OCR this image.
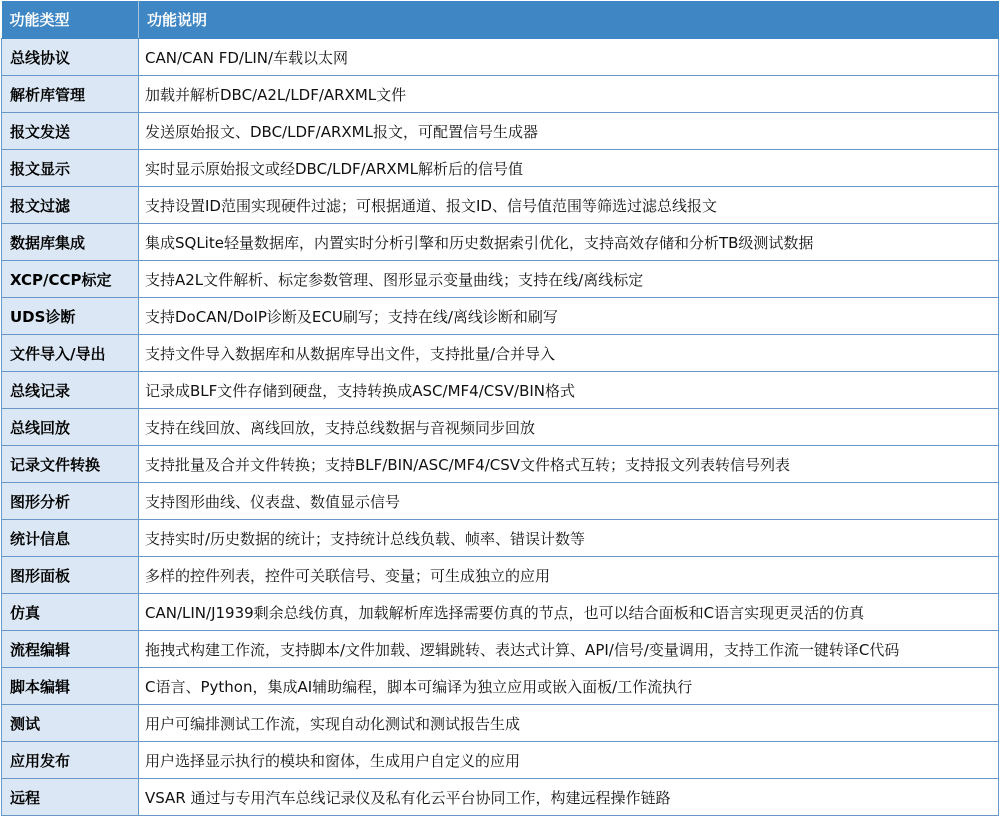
功能类型	功能说明
总线协议	CAN/CAN FD/LIN/车载以太网
解析库管理	加载并解析DBC/A2L/LDF/ARXML文件
报文发送	发送原始报文、DBC/LDF/ARXML报文，可配置信号生成器
报文显示	实时显示原始报文或经DBC/LDF/ARXML解析后的信号值
报文过滤	支持设置ID范围实现硬件过滤；可根据通道、报文ID、信号值范围等筛选过滤总线报文
数据库集成	集成SQLite轻量数据库，内置实时分析引擎和历史数据索引优化，支持高效存储和分析TB级测试数据
XCP/CCP标定	支持A2L文件解析、标定参数管理、图形显示变量曲线；支持在线/离线标定
UDS诊断	支持DoCAN/DoIP诊断及ECU刷写；支持在线/离线诊断和刷写
文件导入/导出	支持文件导入数据库和从数据库导出文件，支持批量/合并导入
总线记录	记录成BLF文件存储到硬盘，支持转换成ASC/MF4/CSV/BIN格式
总线回放	支持在线回放、离线回放，支持总线数据与音视频同步回放
记录文件转换	支持批量及合并文件转换；支持BLF/BIN/ASC/MF4/CSV文件格式互转；支持报文列表转信号列表
图形分析	支持图形曲线、仪表盘、数值显示信号
统计信息	支持实时/历史数据的统计；支持统计总线负载、帧率、错误计数等
图形面板	多样的控件列表，控件可关联信号、变量；可生成独立的应用
仿真	CAN/LIN/J1939剩余总线仿真，加载解析库选择需要仿真的节点，也可以结合面板和C语言实现更灵活的仿真
流程编辑	拖拽式构建工作流，支持脚本/文件加载、逻辑跳转、表达式计算、API/信号/变量调用，支持工作流一键转译C代码
脚本编辑	C语言、Python，集成AI辅助编程，脚本可编译为独立应用或嵌入面板/工作流执行
测试	用户可编排测试工作流，实现自动化测试和测试报告生成
应用发布	用户选择显示执行的模块和窗体，生成用户自定义的应用
远程	VSAR 通过与专用汽车总线记录仪及私有化云平台协同工作，构建远程操作链路
